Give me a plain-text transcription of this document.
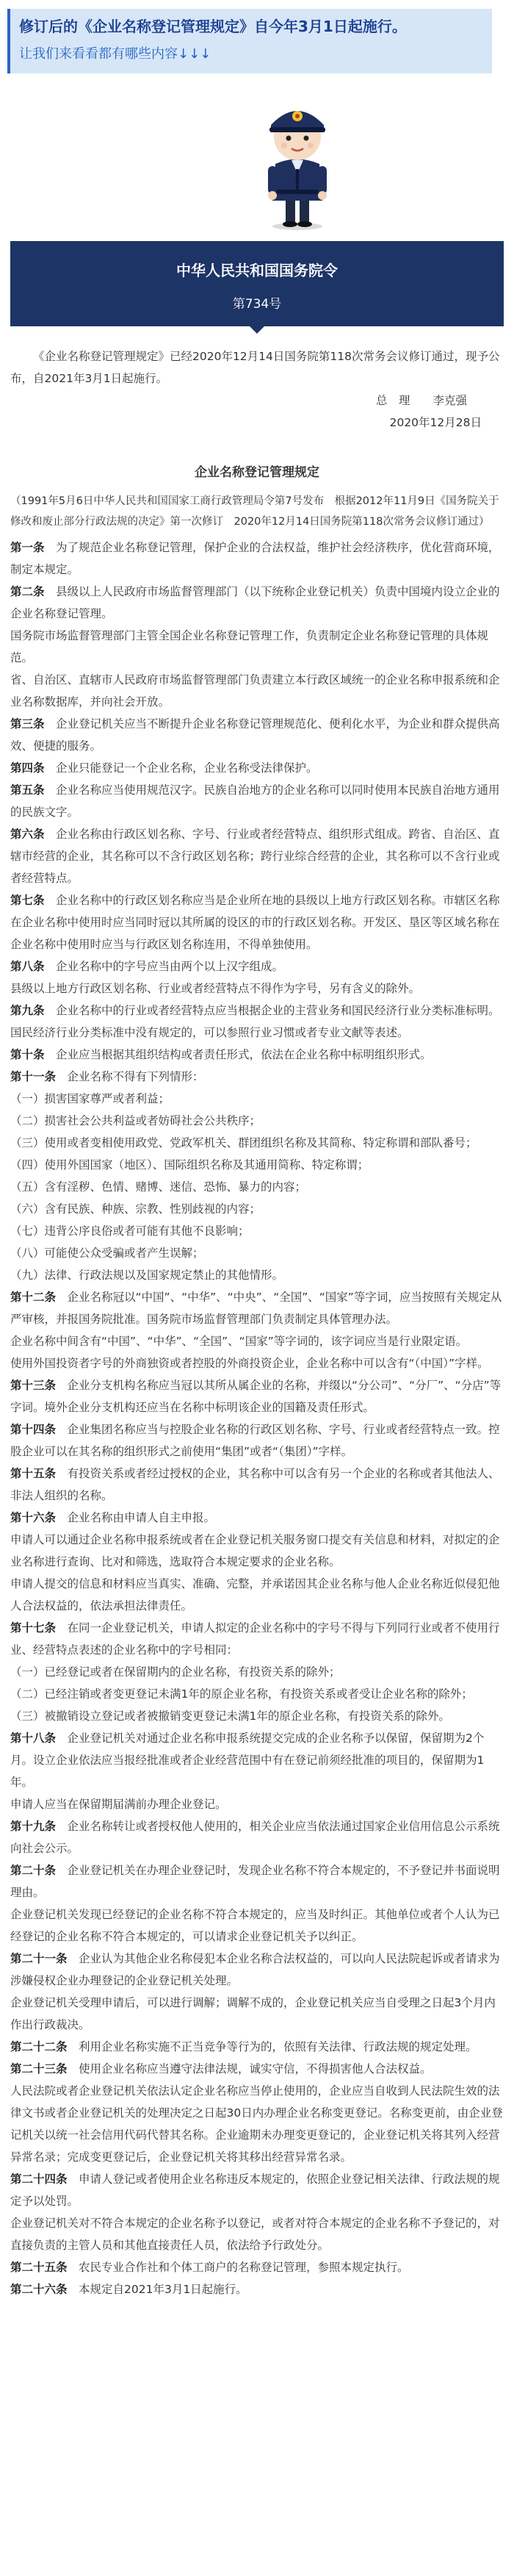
修订后的《企业名称登记管理规定》自今年3月1日起施行。
让我们来看看都有哪些内容↓↓↓
中华人民共和国国务院令
第734号

《企业名称登记管理规定》已经2020年12月14日国务院第118次常务会议修订通过，现予公布，自2021年3月1日起施行。

总　理　　李克强

2020年12月28日

企业名称登记管理规定

（1991年5月6日中华人民共和国国家工商行政管理局令第7号发布　根据2012年11月9日《国务院关于修改和废止部分行政法规的决定》第一次修订　2020年12月14日国务院第118次常务会议修订通过）

第一条　为了规范企业名称登记管理，保护企业的合法权益，维护社会经济秩序，优化营商环境，制定本规定。

第二条　县级以上人民政府市场监督管理部门（以下统称企业登记机关）负责中国境内设立企业的企业名称登记管理。

国务院市场监督管理部门主管全国企业名称登记管理工作，负责制定企业名称登记管理的具体规范。

省、自治区、直辖市人民政府市场监督管理部门负责建立本行政区域统一的企业名称申报系统和企业名称数据库，并向社会开放。

第三条　企业登记机关应当不断提升企业名称登记管理规范化、便利化水平，为企业和群众提供高效、便捷的服务。

第四条　企业只能登记一个企业名称，企业名称受法律保护。

第五条　企业名称应当使用规范汉字。民族自治地方的企业名称可以同时使用本民族自治地方通用的民族文字。

第六条　企业名称由行政区划名称、字号、行业或者经营特点、组织形式组成。跨省、自治区、直辖市经营的企业，其名称可以不含行政区划名称；跨行业综合经营的企业，其名称可以不含行业或者经营特点。

第七条　企业名称中的行政区划名称应当是企业所在地的县级以上地方行政区划名称。市辖区名称在企业名称中使用时应当同时冠以其所属的设区的市的行政区划名称。开发区、垦区等区域名称在企业名称中使用时应当与行政区划名称连用，不得单独使用。

第八条　企业名称中的字号应当由两个以上汉字组成。

县级以上地方行政区划名称、行业或者经营特点不得作为字号，另有含义的除外。

第九条　企业名称中的行业或者经营特点应当根据企业的主营业务和国民经济行业分类标准标明。国民经济行业分类标准中没有规定的，可以参照行业习惯或者专业文献等表述。

第十条　企业应当根据其组织结构或者责任形式，依法在企业名称中标明组织形式。

第十一条　企业名称不得有下列情形：

（一）损害国家尊严或者利益；

（二）损害社会公共利益或者妨碍社会公共秩序；

（三）使用或者变相使用政党、党政军机关、群团组织名称及其简称、特定称谓和部队番号；

（四）使用外国国家（地区）、国际组织名称及其通用简称、特定称谓；

（五）含有淫秽、色情、赌博、迷信、恐怖、暴力的内容；

（六）含有民族、种族、宗教、性别歧视的内容；

（七）违背公序良俗或者可能有其他不良影响；

（八）可能使公众受骗或者产生误解；

（九）法律、行政法规以及国家规定禁止的其他情形。

第十二条　企业名称冠以“中国”、“中华”、“中央”、“全国”、“国家”等字词，应当按照有关规定从严审核，并报国务院批准。国务院市场监督管理部门负责制定具体管理办法。

企业名称中间含有“中国”、“中华”、“全国”、“国家”等字词的，该字词应当是行业限定语。

使用外国投资者字号的外商独资或者控股的外商投资企业，企业名称中可以含有“（中国）”字样。

第十三条　企业分支机构名称应当冠以其所从属企业的名称，并缀以“分公司”、“分厂”、“分店”等字词。境外企业分支机构还应当在名称中标明该企业的国籍及责任形式。

第十四条　企业集团名称应当与控股企业名称的行政区划名称、字号、行业或者经营特点一致。控股企业可以在其名称的组织形式之前使用“集团”或者“（集团）”字样。

第十五条　有投资关系或者经过授权的企业，其名称中可以含有另一个企业的名称或者其他法人、非法人组织的名称。

第十六条　企业名称由申请人自主申报。

申请人可以通过企业名称申报系统或者在企业登记机关服务窗口提交有关信息和材料，对拟定的企业名称进行查询、比对和筛选，选取符合本规定要求的企业名称。

申请人提交的信息和材料应当真实、准确、完整，并承诺因其企业名称与他人企业名称近似侵犯他人合法权益的，依法承担法律责任。

第十七条　在同一企业登记机关，申请人拟定的企业名称中的字号不得与下列同行业或者不使用行业、经营特点表述的企业名称中的字号相同：

（一）已经登记或者在保留期内的企业名称，有投资关系的除外；

（二）已经注销或者变更登记未满1年的原企业名称，有投资关系或者受让企业名称的除外；

（三）被撤销设立登记或者被撤销变更登记未满1年的原企业名称，有投资关系的除外。

第十八条　企业登记机关对通过企业名称申报系统提交完成的企业名称予以保留，保留期为2个月。设立企业依法应当报经批准或者企业经营范围中有在登记前须经批准的项目的，保留期为1年。

申请人应当在保留期届满前办理企业登记。

第十九条　企业名称转让或者授权他人使用的，相关企业应当依法通过国家企业信用信息公示系统向社会公示。

第二十条　企业登记机关在办理企业登记时，发现企业名称不符合本规定的，不予登记并书面说明理由。

企业登记机关发现已经登记的企业名称不符合本规定的，应当及时纠正。其他单位或者个人认为已经登记的企业名称不符合本规定的，可以请求企业登记机关予以纠正。

第二十一条　企业认为其他企业名称侵犯本企业名称合法权益的，可以向人民法院起诉或者请求为涉嫌侵权企业办理登记的企业登记机关处理。

企业登记机关受理申请后，可以进行调解；调解不成的，企业登记机关应当自受理之日起3个月内作出行政裁决。

第二十二条　利用企业名称实施不正当竞争等行为的，依照有关法律、行政法规的规定处理。

第二十三条　使用企业名称应当遵守法律法规，诚实守信，不得损害他人合法权益。

人民法院或者企业登记机关依法认定企业名称应当停止使用的，企业应当自收到人民法院生效的法律文书或者企业登记机关的处理决定之日起30日内办理企业名称变更登记。名称变更前，由企业登记机关以统一社会信用代码代替其名称。企业逾期未办理变更登记的，企业登记机关将其列入经营异常名录；完成变更登记后，企业登记机关将其移出经营异常名录。

第二十四条　申请人登记或者使用企业名称违反本规定的，依照企业登记相关法律、行政法规的规定予以处罚。

企业登记机关对不符合本规定的企业名称予以登记，或者对符合本规定的企业名称不予登记的，对直接负责的主管人员和其他直接责任人员，依法给予行政处分。

第二十五条　农民专业合作社和个体工商户的名称登记管理，参照本规定执行。

第二十六条　本规定自2021年3月1日起施行。
